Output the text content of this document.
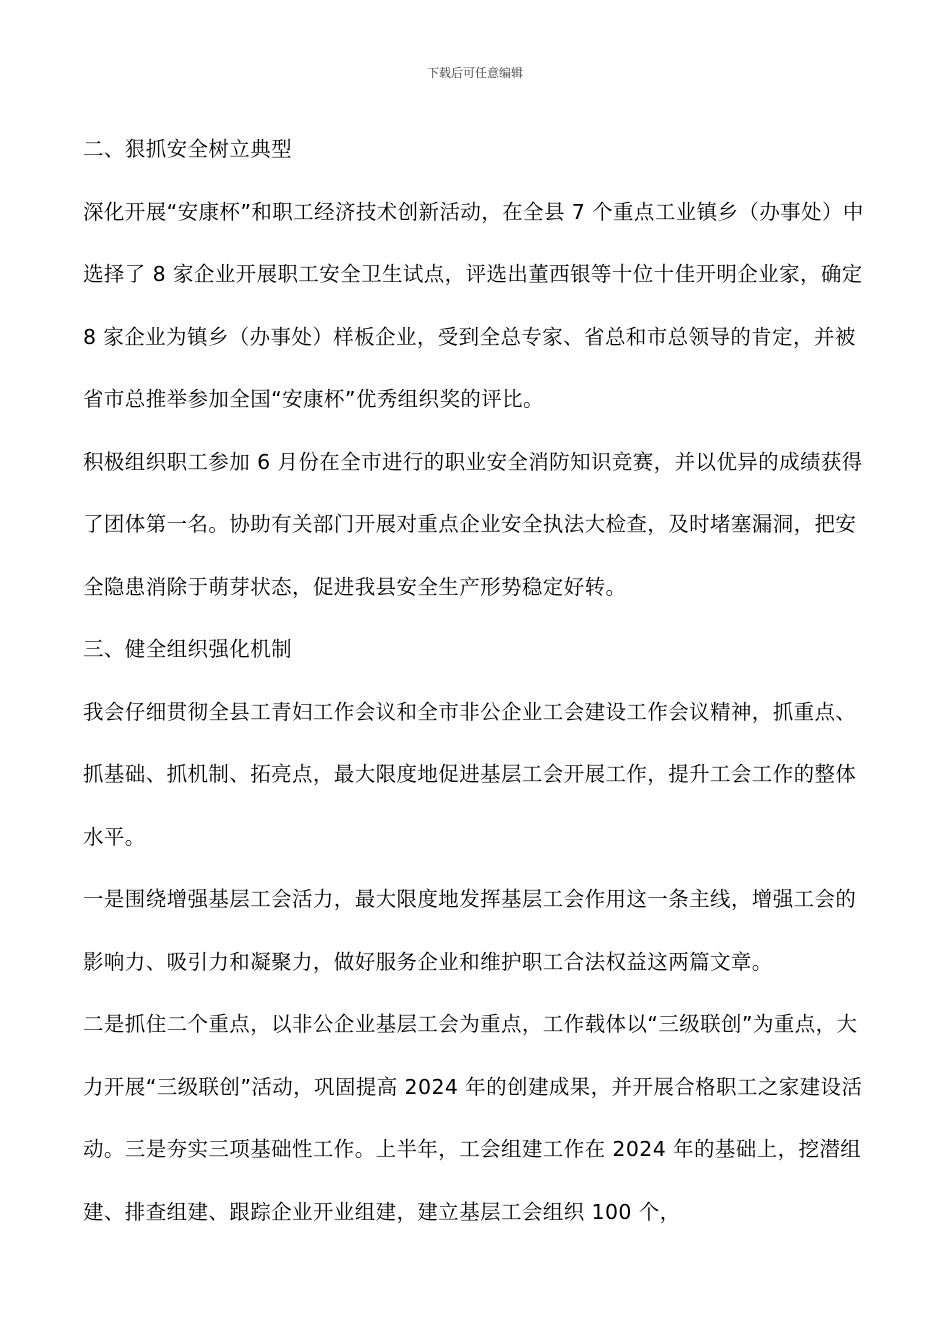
下载后可任意编辑

二、狠抓安全树立典型

深化开展“安康杯”和职工经济技术创新活动，在全县 7 个重点工业镇乡（办事处）中选择了 8 家企业开展职工安全卫生试点，评选出董西银等十位十佳开明企业家，确定 8 家企业为镇乡（办事处）样板企业，受到全总专家、省总和市总领导的肯定，并被省市总推举参加全国“安康杯”优秀组织奖的评比。

积极组织职工参加 6 月份在全市进行的职业安全消防知识竞赛，并以优异的成绩获得了团体第一名。协助有关部门开展对重点企业安全执法大检查，及时堵塞漏洞，把安全隐患消除于萌芽状态，促进我县安全生产形势稳定好转。

三、健全组织强化机制

我会仔细贯彻全县工青妇工作会议和全市非公企业工会建设工作会议精神，抓重点、抓基础、抓机制、拓亮点，最大限度地促进基层工会开展工作，提升工会工作的整体水平。

一是围绕增强基层工会活力，最大限度地发挥基层工会作用这一条主线，增强工会的影响力、吸引力和凝聚力，做好服务企业和维护职工合法权益这两篇文章。

二是抓住二个重点，以非公企业基层工会为重点，工作载体以“三级联创”为重点，大力开展“三级联创”活动，巩固提高 2024 年的创建成果，并开展合格职工之家建设活动。三是夯实三项基础性工作。上半年，工会组建工作在 2024 年的基础上，挖潜组建、排查组建、跟踪企业开业组建，建立基层工会组织 100 个，
